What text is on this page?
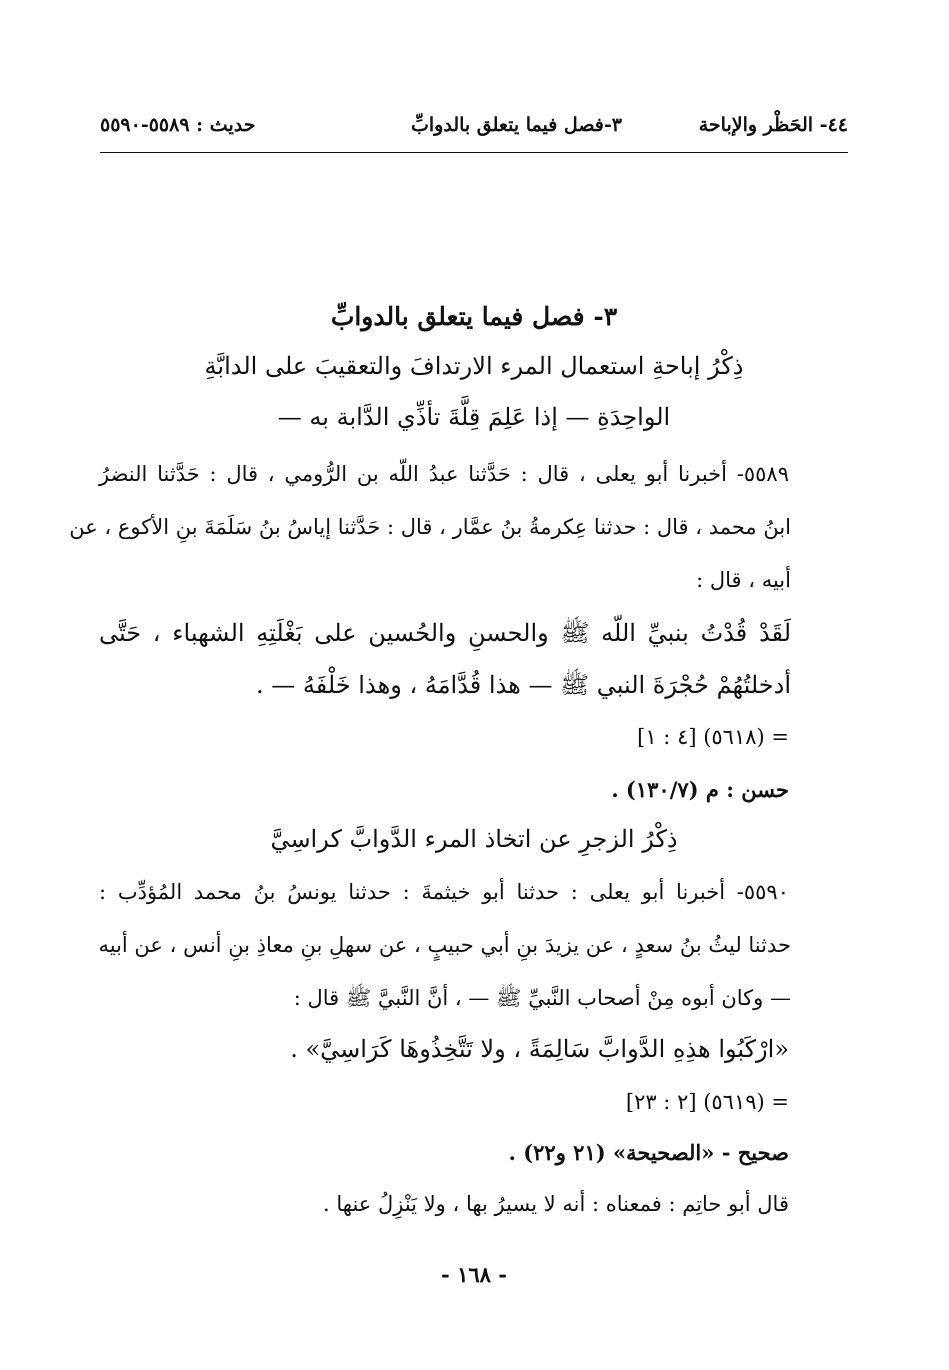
٤٤- الحَظْر والإباحة
٣-فصل فيما يتعلق بالدوابِّ
حديث : ٥٥٨٩-٥٥٩٠
٣- فصل فيما يتعلق بالدوابِّ
ذِكْرُ إباحةِ استعمال المرء الارتدافَ والتعقيبَ على الدابَّةِ
الواحِدَةِ — إذا عَلِمَ قِلَّةَ تأذِّي الدَّابة به —
٥٥٨٩- أخبرنا أبو يعلى ، قال : حَدَّثنا عبدُ اللّه بن الرُّومي ، قال : حَدَّثنا النضرُ
ابنُ محمد ، قال : حدثنا عِكرمةُ بنُ عمَّار ، قال : حَدَّثنا إياسُ بنُ سَلَمَةَ بنِ الأكوع ، عن
أبيه ، قال :
لَقَدْ قُدْتُ بنبيِّ اللّه ﷺ والحسنِ والحُسين على بَغْلَتِهِ الشهباء ، حَتَّى
أدخلتُهُمْ حُجْرَةَ النبي ﷺ — هذا قُدَّامَهُ ، وهذا خَلْفَهُ — .
= (٥٦١٨) [٤ : ١]
حسن : م (١٣٠/٧) .
ذِكْرُ الزجرِ عن اتخاذ المرء الدَّوابَّ كراسِيَّ
٥٥٩٠- أخبرنا أبو يعلى : حدثنا أبو خيثمةَ : حدثنا يونسُ بنُ محمد المُؤدِّب :
حدثنا ليثُ بنُ سعدٍ ، عن يزيدَ بنِ أبي حبيبٍ ، عن سهلِ بنِ معاذِ بنِ أنس ، عن أبيه
— وكان أبوه مِنْ أصحاب النَّبيِّ ﷺ — ، أنَّ النَّبيَّ ﷺ قال :
«ارْكَبُوا هذِهِ الدَّوابَّ سَالِمَةً ، ولا تَتَّخِذُوهَا كَرَاسِيَّ» .
= (٥٦١٩) [٢ : ٢٣]
صحيح - «الصحيحة» (٢١ و٢٢) .
قال أبو حاتِم : فمعناه : أنه لا يسيرُ بها ، ولا يَنْزِلُ عنها .
- ١٦٨ -
